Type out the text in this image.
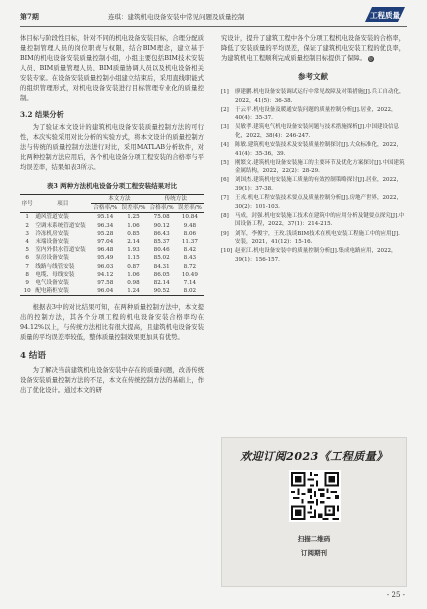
第7期	连琪：建筑机电设备安装中常见问题及质量控制	工程质量

体目标与阶段性目标，针对不同的机电设备安装目标，合理分配质量控制管理人员的岗位职责与权限，结合BIM理念，建立基于BIM的机电设备安装质量控制小组，小组主要包括BIM技术安装人员、BIM质量管理人员、BIM质量协调人员以及机电设备相关安装专家。在设备安装质量控制小组建立结束后，采用直线职能式的组织管理形式，对机电设备安装进行目标管理专业化的质量控制。

3.2 结果分析

为了验证本文设计的建筑机电设备安装质量控制方法的可行性，本次实验采用对比分析的实验方式，将本文设计的质量控制方法与传统的质量控制方法进行对比，采用MATLAB分析软件，对比两种控制方法应用后，各个机电设备分项工程安装的合格率与平均误差率，结果如表3所示。

表3 两种方法机电设备分项工程安装结果对比
序号	项目	本文方法		传统方法	
		合格率/%	误差率/%	合格率/%	误差率/%
1	通风管道安装	95.14	1.25	75.08	10.84
2	空调末系统管道安装	96.34	1.06	90.12	9.48
3	冷冻机房安装	95.28	0.85	86.43	8.06
4	末端设备安装	97.04	2.14	85.37	11.37
5	室内外供水管道安装	96.48	1.93	80.46	8.42
6	泵房设备安装	95.49	1.15	85.02	8.43
7	线路与线管安装	96.03	0.87	84.31	8.72
8	电缆、母线安装	94.12	1.06	86.05	10.49
9	电气设备安装	97.58	0.98	82.14	7.14
10	配电箱柜安装	96.04	1.24	90.52	8.02

根据表3中的对比结果可知，在两种质量控制方法中，本文提出的控制方法，其各个分项工程的机电设备安装合格率均在94.12%以上，与传统方法相比有很大提高，且建筑机电设备安装质量的平均误差率较低，整体质量控制效果更加具有优势。

4 结语

为了解决当前建筑机电设备安装中存在的质量问题，改善传统设备安装质量控制方法的不足，本文在传统控制方法的基础上，作出了优化设计。通过本文的研

究设计，提升了建筑工程中各个分项工程机电设备安装的合格率，降低了安装质量的平均误差，保证了建筑机电安装工程的优良率，为建筑机电工程顺利完成质量控制目标提供了保障。 ◎

参考文献
[1]	廖建鹏.机电设备安装调试运行中常见故障及对策措施[J].兵工自动化，2022，41(5)：36-38.
[2]	于云平.机电设备及暖通安装问题的质量控制分析[J].居业，2022，40(4)：35-37.
[3]	吴敏孝.建筑电气机电设备安装问题与技术措施探析[J].中国建设信息化，2022，38(4)：246-247.
[4]	陈敏.建筑机电安装技术及安装质量控制探讨[J].大众标准化，2022，41(4)：35-36，39.
[5]	刚繁文.建筑机电设备安装施工的主要环节及优化方案探讨[J].中国建筑金属结构，2022，22(2)：28-29.
[6]	刘国杰.建筑机电安装施工质量的有效控制策略探讨[J].居业，2022，39(1)：37-38.
[7]	王戎.机电工程安装技术要点及质量控制分析[J].房地产世界，2022，30(2)：101-103.
[8]	马成，封强.机电安装施工技术在建筑中的应用分析及键要点探究[J].中国设备工程，2022，37(1)：214-215.
[9]	刘军，李俊宇，王玫.浅谈BIM技术在机电安装工程施工中的应用[J].安装，2021，41(12)：15-16.
[10] 赵亚江.机电设备安装中的质量控制分析[J].集成电路应用，2022，39(1)：156-157.
欢迎订阅2023《工程质量》
扫描二维码
订阅期刊
- 25 -
